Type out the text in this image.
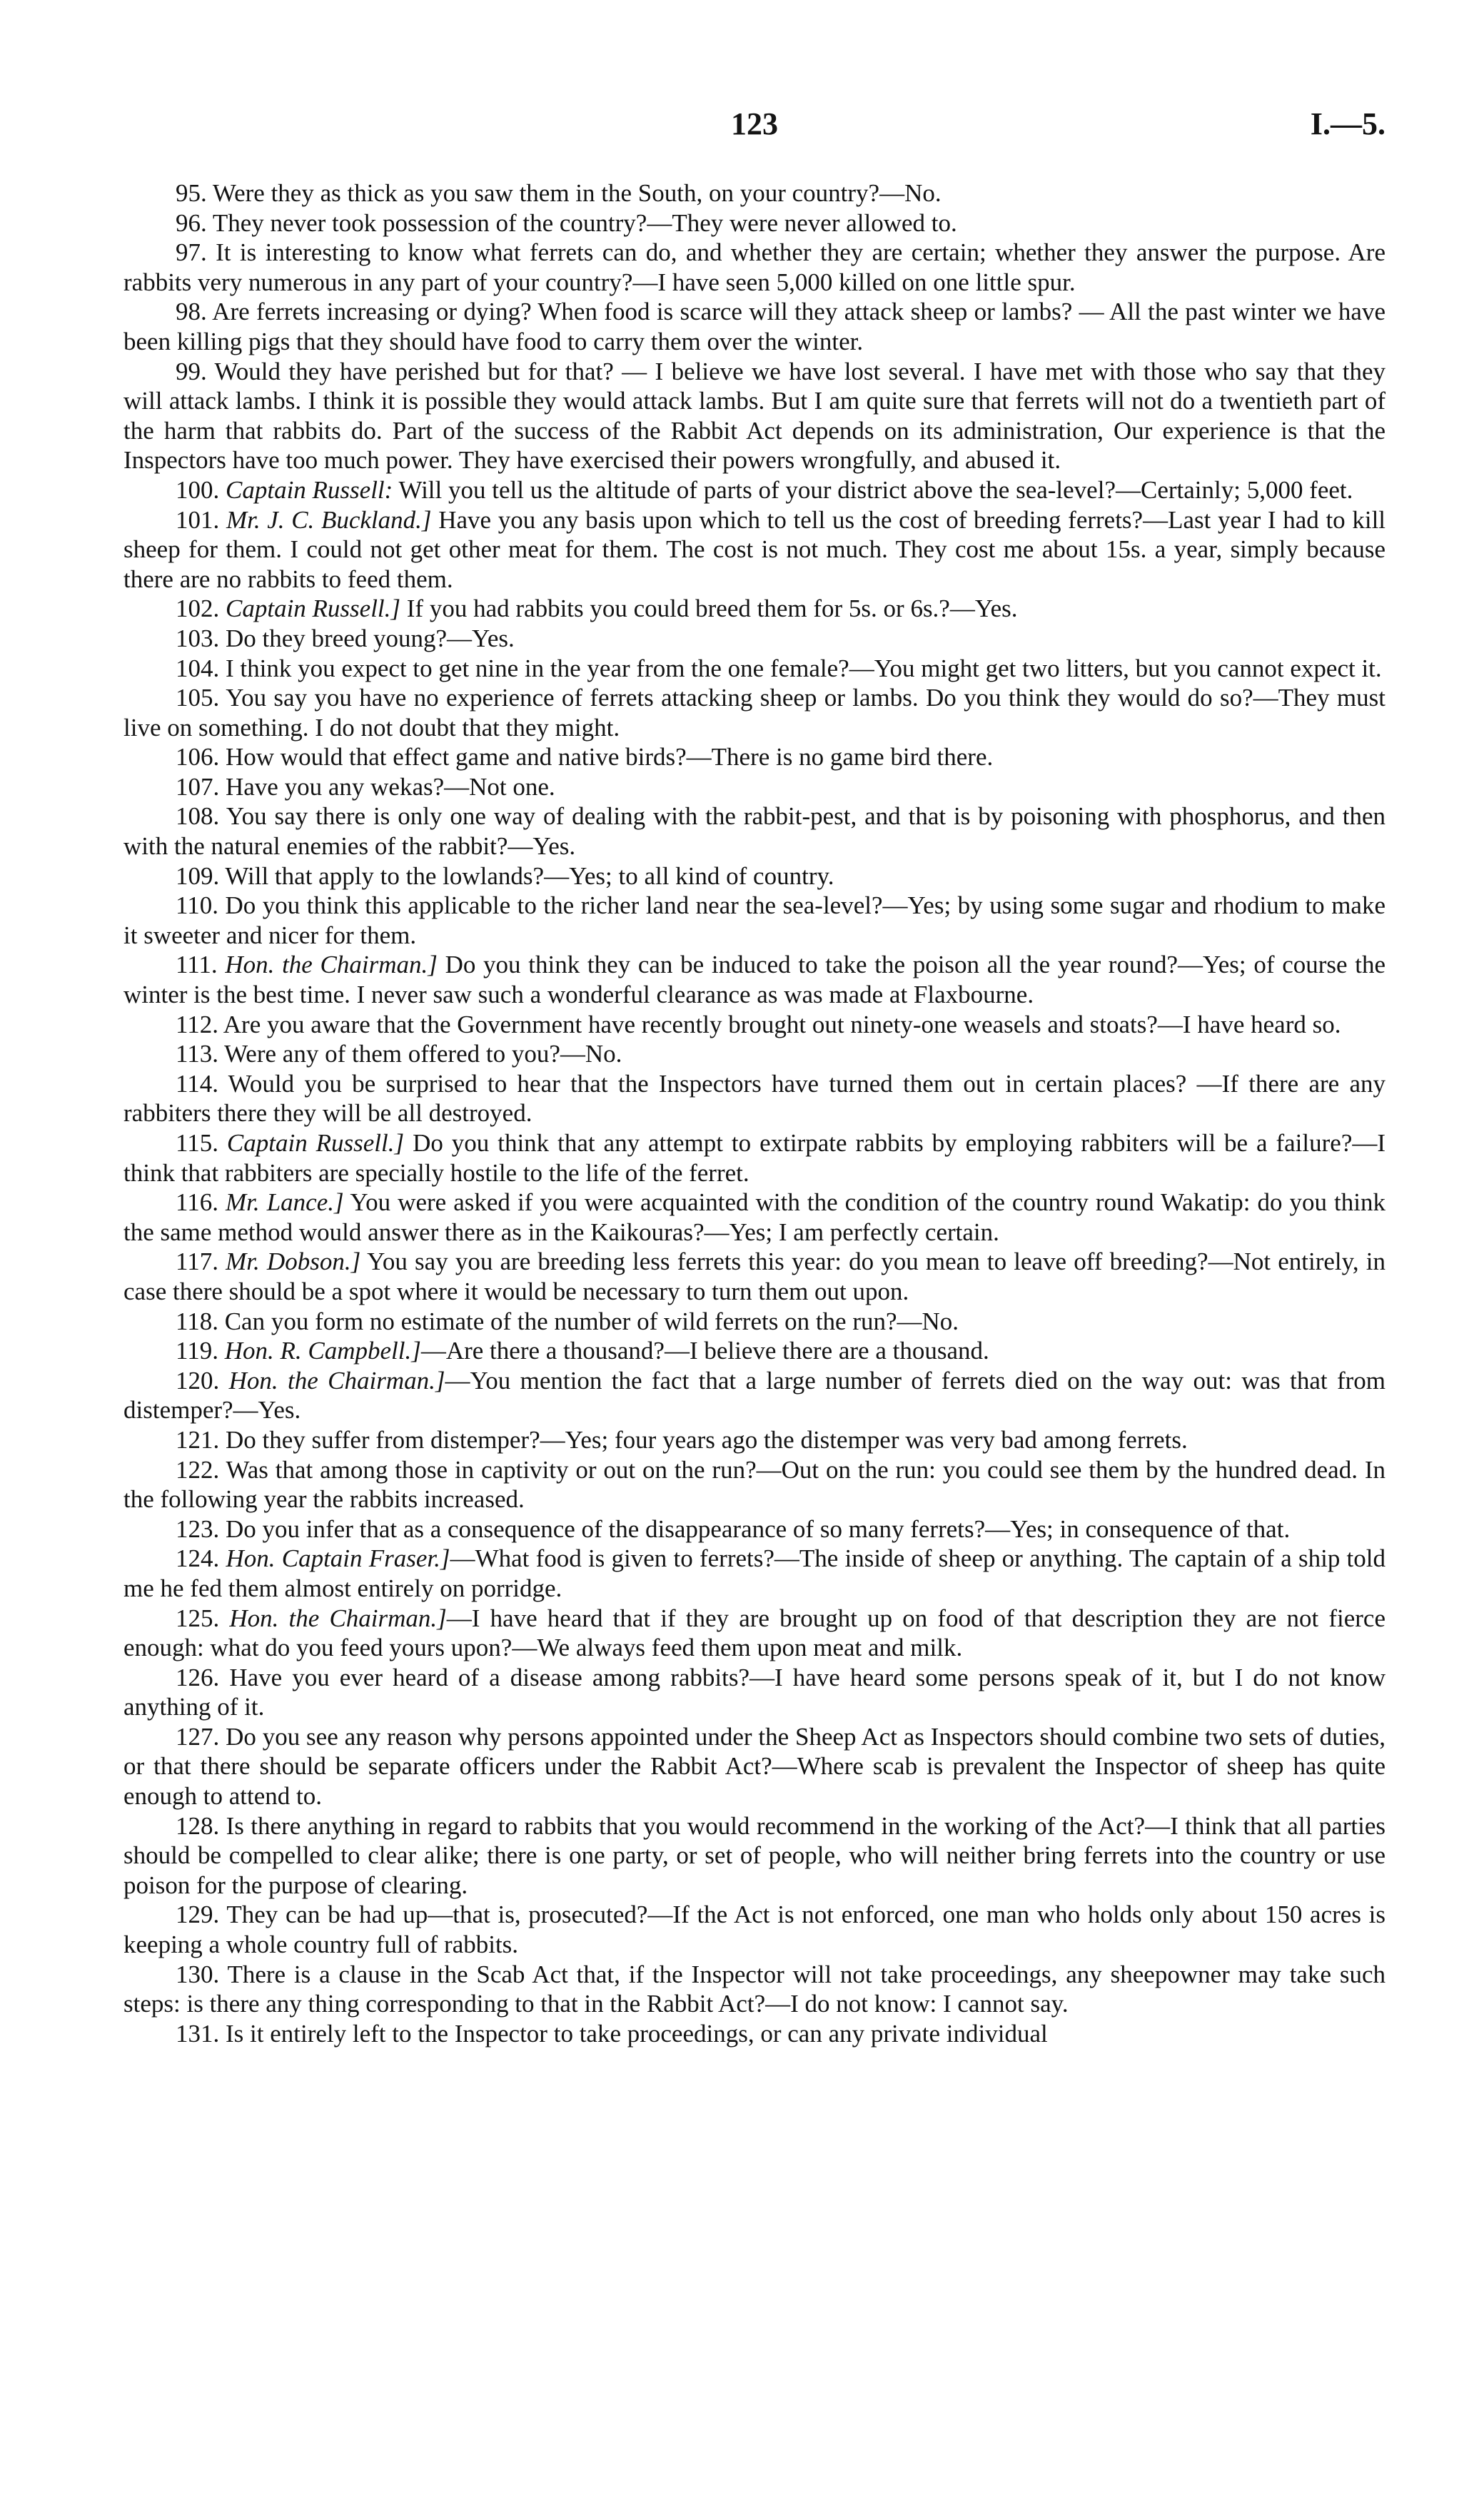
123	I.—5.

95. Were they as thick as you saw them in the South, on your country?—No.

96. They never took possession of the country?—They were never allowed to.

97. It is interesting to know what ferrets can do, and whether they are certain; whether they answer the purpose. Are rabbits very numerous in any part of your country?—I have seen 5,000 killed on one little spur.

98. Are ferrets increasing or dying? When food is scarce will they attack sheep or lambs? — All the past winter we have been killing pigs that they should have food to carry them over the winter.

99. Would they have perished but for that? — I believe we have lost several. I have met with those who say that they will attack lambs. I think it is possible they would attack lambs. But I am quite sure that ferrets will not do a twentieth part of the harm that rabbits do. Part of the success of the Rabbit Act depends on its administration, Our experience is that the Inspectors have too much power. They have exercised their powers wrongfully, and abused it.

100. Captain Russell: Will you tell us the altitude of parts of your district above the sea-level?—Certainly; 5,000 feet.

101. Mr. J. C. Buckland.] Have you any basis upon which to tell us the cost of breeding ferrets?—Last year I had to kill sheep for them. I could not get other meat for them. The cost is not much. They cost me about 15s. a year, simply because there are no rabbits to feed them.

102. Captain Russell.] If you had rabbits you could breed them for 5s. or 6s.?—Yes.

103. Do they breed young?—Yes.

104. I think you expect to get nine in the year from the one female?—You might get two litters, but you cannot expect it.

105. You say you have no experience of ferrets attacking sheep or lambs. Do you think they would do so?—They must live on something. I do not doubt that they might.

106. How would that effect game and native birds?—There is no game bird there.

107. Have you any wekas?—Not one.

108. You say there is only one way of dealing with the rabbit-pest, and that is by poisoning with phosphorus, and then with the natural enemies of the rabbit?—Yes.

109. Will that apply to the lowlands?—Yes; to all kind of country.

110. Do you think this applicable to the richer land near the sea-level?—Yes; by using some sugar and rhodium to make it sweeter and nicer for them.

111. Hon. the Chairman.] Do you think they can be induced to take the poison all the year round?—Yes; of course the winter is the best time. I never saw such a wonderful clearance as was made at Flaxbourne.

112. Are you aware that the Government have recently brought out ninety-one weasels and stoats?—I have heard so.

113. Were any of them offered to you?—No.

114. Would you be surprised to hear that the Inspectors have turned them out in certain places? —If there are any rabbiters there they will be all destroyed.

115. Captain Russell.] Do you think that any attempt to extirpate rabbits by employing rabbiters will be a failure?—I think that rabbiters are specially hostile to the life of the ferret.

116. Mr. Lance.] You were asked if you were acquainted with the condition of the country round Wakatip: do you think the same method would answer there as in the Kaikouras?—Yes; I am perfectly certain.

117. Mr. Dobson.] You say you are breeding less ferrets this year: do you mean to leave off breeding?—Not entirely, in case there should be a spot where it would be necessary to turn them out upon.

118. Can you form no estimate of the number of wild ferrets on the run?—No.

119. Hon. R. Campbell.]—Are there a thousand?—I believe there are a thousand.

120. Hon. the Chairman.]—You mention the fact that a large number of ferrets died on the way out: was that from distemper?—Yes.

121. Do they suffer from distemper?—Yes; four years ago the distemper was very bad among ferrets.

122. Was that among those in captivity or out on the run?—Out on the run: you could see them by the hundred dead. In the following year the rabbits increased.

123. Do you infer that as a consequence of the disappearance of so many ferrets?—Yes; in consequence of that.

124. Hon. Captain Fraser.]—What food is given to ferrets?—The inside of sheep or anything. The captain of a ship told me he fed them almost entirely on porridge.

125. Hon. the Chairman.]—I have heard that if they are brought up on food of that description they are not fierce enough: what do you feed yours upon?—We always feed them upon meat and milk.

126. Have you ever heard of a disease among rabbits?—I have heard some persons speak of it, but I do not know anything of it.

127. Do you see any reason why persons appointed under the Sheep Act as Inspectors should combine two sets of duties, or that there should be separate officers under the Rabbit Act?—Where scab is prevalent the Inspector of sheep has quite enough to attend to.

128. Is there anything in regard to rabbits that you would recommend in the working of the Act?—I think that all parties should be compelled to clear alike; there is one party, or set of people, who will neither bring ferrets into the country or use poison for the purpose of clearing.

129. They can be had up—that is, prosecuted?—If the Act is not enforced, one man who holds only about 150 acres is keeping a whole country full of rabbits.

130. There is a clause in the Scab Act that, if the Inspector will not take proceedings, any sheepowner may take such steps: is there any thing corresponding to that in the Rabbit Act?—I do not know: I cannot say.

131. Is it entirely left to the Inspector to take proceedings, or can any private individual
